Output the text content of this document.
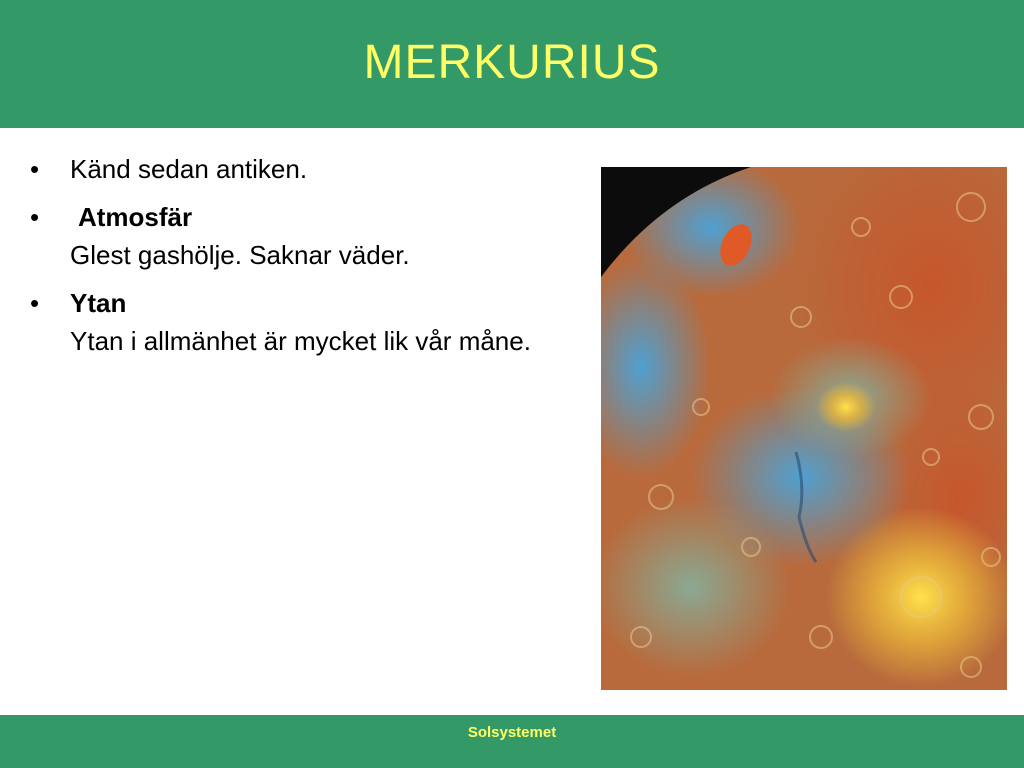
MERKURIUS
• Känd sedan antiken.
•	Atmosfär
Glest gashölje. Saknar väder.
• Ytan
Ytan i allmänhet är mycket lik vår måne.
Solsystemet
